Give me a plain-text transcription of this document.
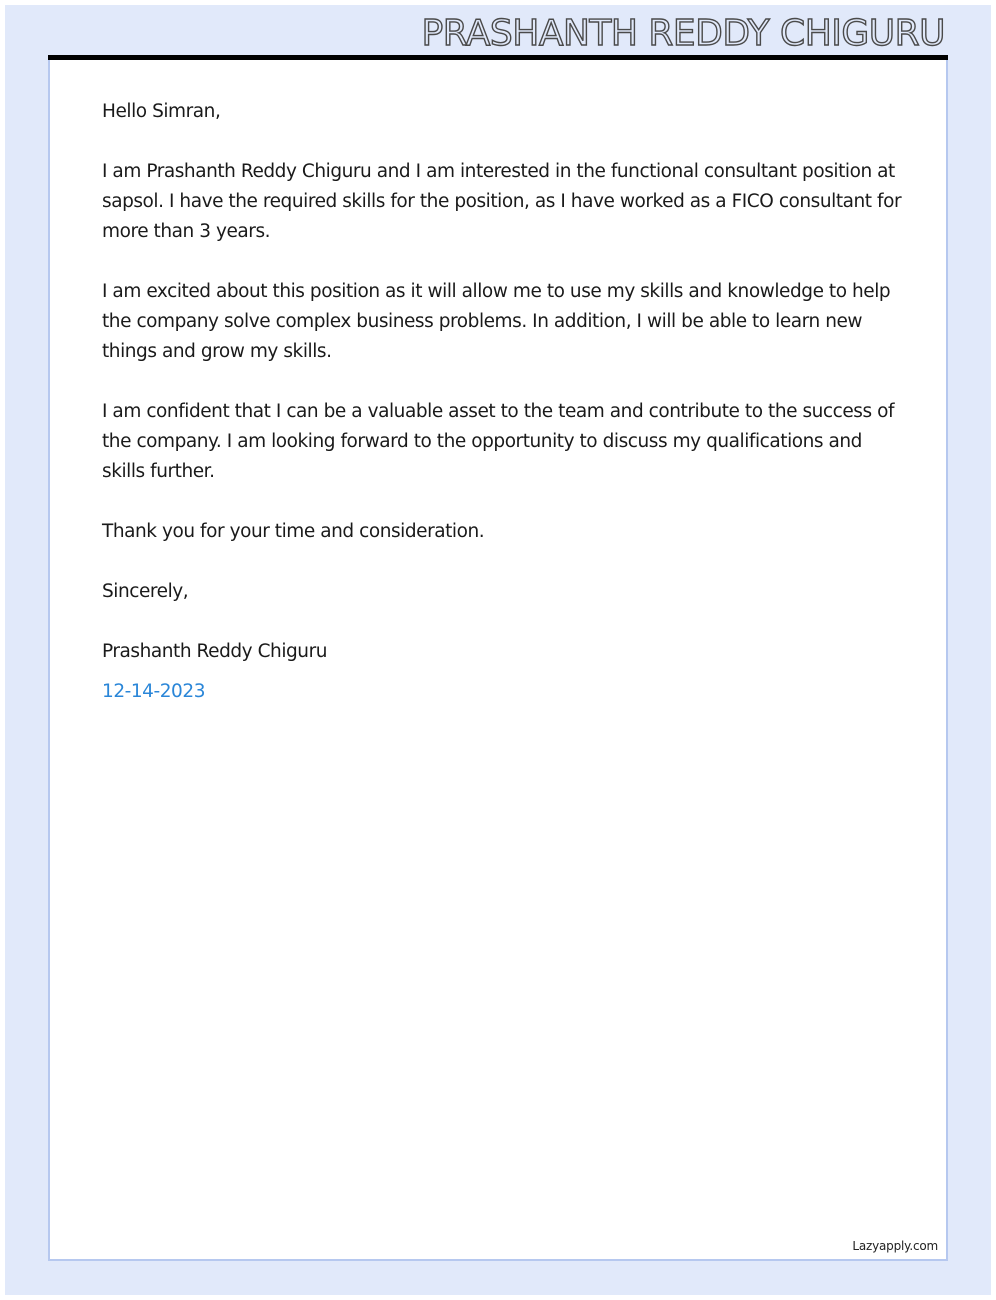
PRASHANTH REDDY CHIGURU

Hello Simran,

I am Prashanth Reddy Chiguru and I am interested in the functional consultant position at sapsol. I have the required skills for the position, as I have worked as a FICO consultant for more than 3 years.

I am excited about this position as it will allow me to use my skills and knowledge to help the company solve complex business problems. In addition, I will be able to learn new things and grow my skills.

I am confident that I can be a valuable asset to the team and contribute to the success of the company. I am looking forward to the opportunity to discuss my qualifications and skills further.

Thank you for your time and consideration.

Sincerely,

Prashanth Reddy Chiguru

12-14-2023

Lazyapply.com
